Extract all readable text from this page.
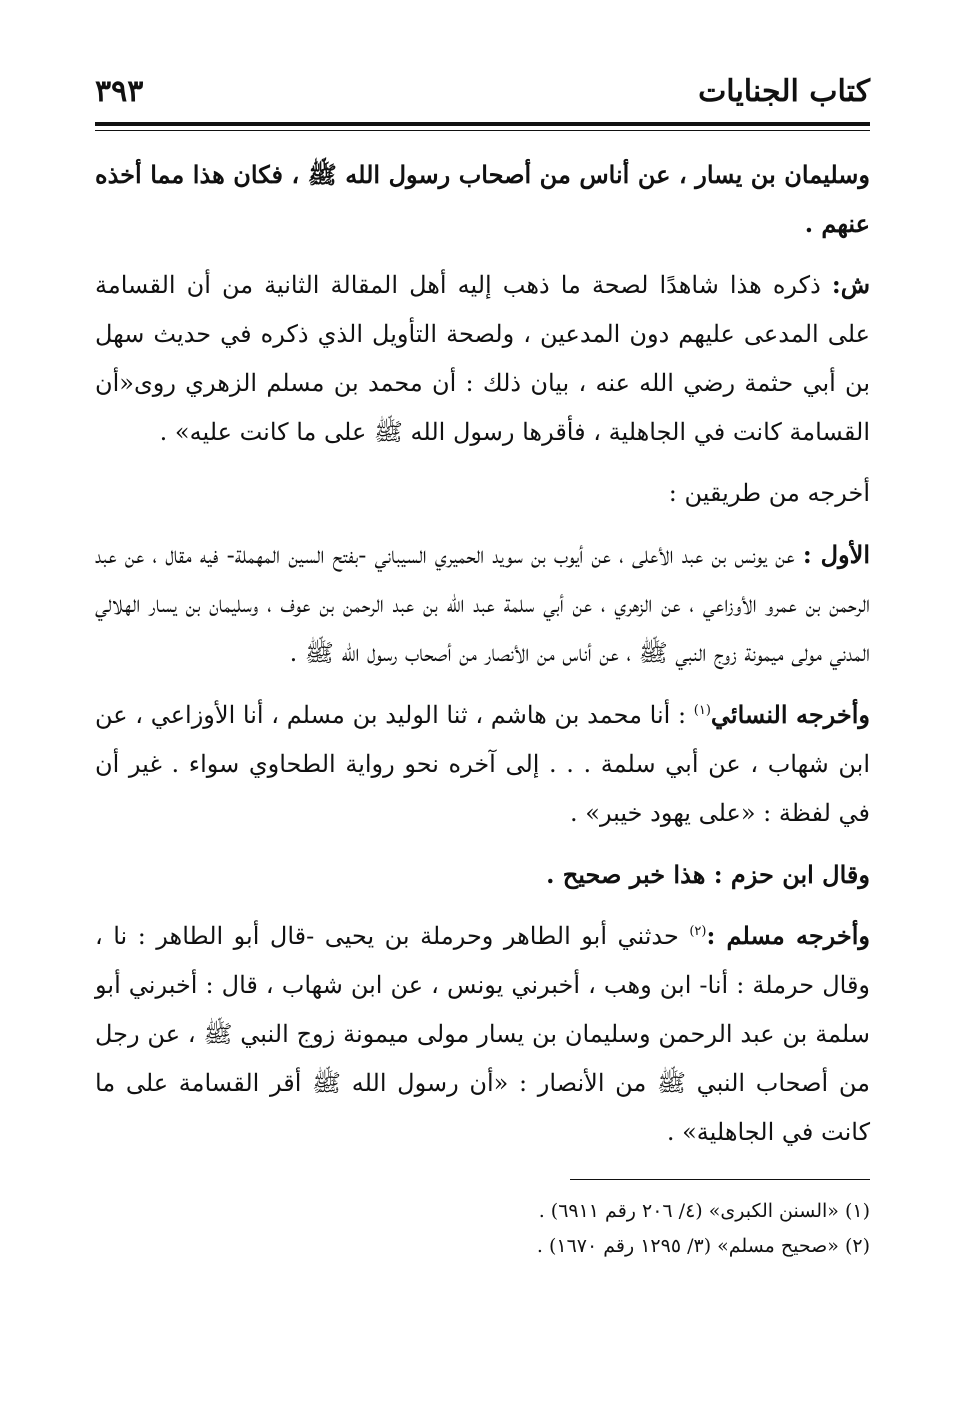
كتاب الجنايات
٣٩٣

وسليمان بن يسار ، عن أناس من أصحاب رسول الله ﷺ ، فكان هذا مما أخذه عنهم .

ش: ذكره هذا شاهدًا لصحة ما ذهب إليه أهل المقالة الثانية من أن القسامة على المدعى عليهم دون المدعين ، ولصحة التأويل الذي ذكره في حديث سهل بن أبي حثمة رضي الله عنه ، بيان ذلك : أن محمد بن مسلم الزهري روى«أن القسامة كانت في الجاهلية ، فأقرها رسول الله ﷺ على ما كانت عليه» .

أخرجه من طريقين :

الأول : عن يونس بن عبد الأعلى ، عن أيوب بن سويد الحميري السيباني -بفتح السين المهملة- فيه مقال ، عن عبد الرحمن بن عمرو الأوزاعي ، عن الزهري ، عن أبي سلمة عبد الله بن عبد الرحمن بن عوف ، وسليمان بن يسار الهلالي المدني مولى ميمونة زوج النبي ﷺ ، عن أناس من الأنصار من أصحاب رسول الله ﷺ .

وأخرجه النسائي$^{(١)}$ : أنا محمد بن هاشم ، ثنا الوليد بن مسلم ، أنا الأوزاعي ، عن ابن شهاب ، عن أبي سلمة . . . إلى آخره نحو رواية الطحاوي سواء . غير أن في لفظة : «على يهود خيبر» .

وقال ابن حزم : هذا خبر صحيح .

وأخرجه مسلم :$^{(٢)}$ حدثني أبو الطاهر وحرملة بن يحيى -قال أبو الطاهر : نا ، وقال حرملة : أنا- ابن وهب ، أخبرني يونس ، عن ابن شهاب ، قال : أخبرني أبو سلمة بن عبد الرحمن وسليمان بن يسار مولى ميمونة زوج النبي ﷺ ، عن رجل من أصحاب النبي ﷺ من الأنصار : «أن رسول الله ﷺ أقر القسامة على ما كانت في الجاهلية» .

(١) «السنن الكبرى» (٤/ ٢٠٦ رقم ٦٩١١) .
(٢) «صحيح مسلم» (٣/ ١٢٩٥ رقم ١٦٧٠) .
